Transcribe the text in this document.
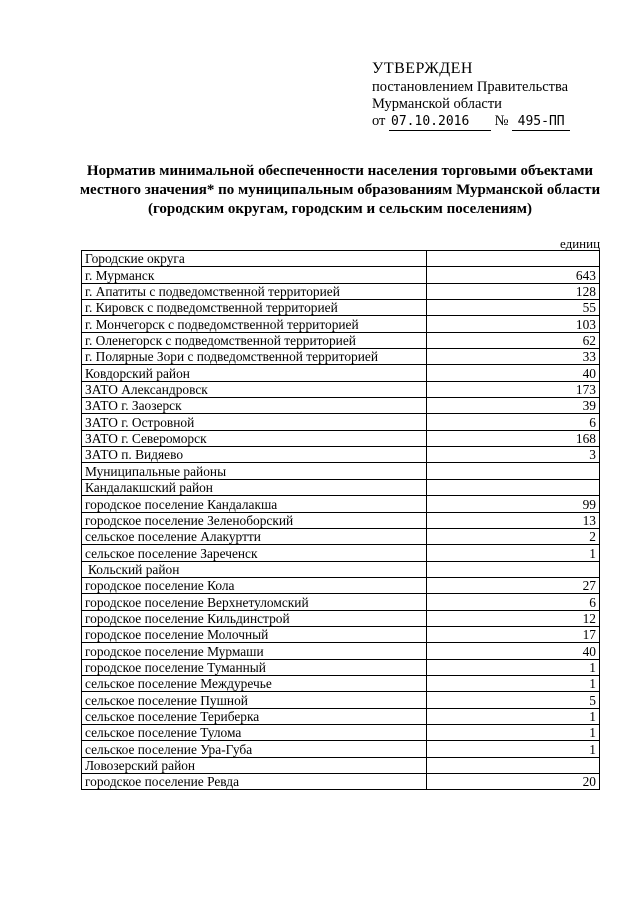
УТВЕРЖДЕН
постановлением Правительства
Мурманской области
от 07.10.2016 № 495-ПП
Норматив минимальной обеспеченности населения торговыми объектами местного значения* по муниципальным образованиям Мурманской области (городским округам, городским и сельским поселениям)
единиц
Городские округа	
г. Мурманск	643
г. Апатиты с подведомственной территорией	128
г. Кировск с подведомственной территорией	55
г. Мончегорск с подведомственной территорией	103
г. Оленегорск с подведомственной территорией	62
г. Полярные Зори с подведомственной территорией	33
Ковдорский район	40
ЗАТО Александровск	173
ЗАТО г. Заозерск	39
ЗАТО г. Островной	6
ЗАТО г. Североморск	168
ЗАТО п. Видяево	3
Муниципальные районы	
Кандалакшский район	
городское поселение Кандалакша	99
городское поселение Зеленоборский	13
сельское поселение Алакуртти	2
сельское поселение Зареченск	1
Кольский район	
городское поселение Кола	27
городское поселение Верхнетуломский	6
городское поселение Кильдинстрой	12
городское поселение Молочный	17
городское поселение Мурмаши	40
городское поселение Туманный	1
сельское поселение Междуречье	1
сельское поселение Пушной	5
сельское поселение Териберка	1
сельское поселение Тулома	1
сельское поселение Ура-Губа	1
Ловозерский район	
городское поселение Ревда	20
